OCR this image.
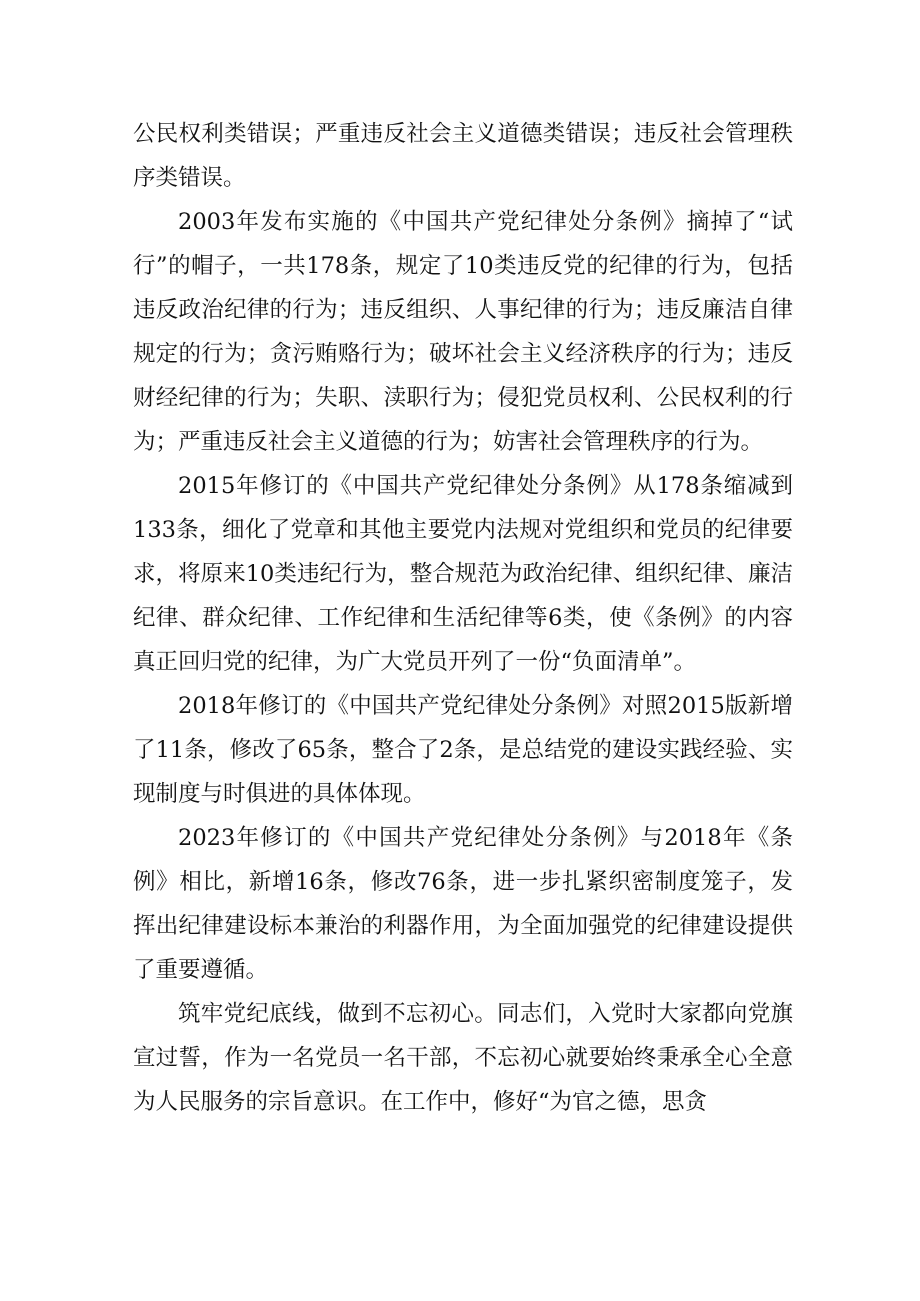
公民权利类错误；严重违反社会主义道德类错误；违反社会管理秩序类错误。

2003年发布实施的《中国共产党纪律处分条例》摘掉了“试行”的帽子，一共178条，规定了10类违反党的纪律的行为，包括违反政治纪律的行为；违反组织、人事纪律的行为；违反廉洁自律规定的行为；贪污贿赂行为；破坏社会主义经济秩序的行为；违反财经纪律的行为；失职、渎职行为；侵犯党员权利、公民权利的行为；严重违反社会主义道德的行为；妨害社会管理秩序的行为。

2015年修订的《中国共产党纪律处分条例》从178条缩减到133条，细化了党章和其他主要党内法规对党组织和党员的纪律要求，将原来10类违纪行为，整合规范为政治纪律、组织纪律、廉洁纪律、群众纪律、工作纪律和生活纪律等6类，使《条例》的内容真正回归党的纪律，为广大党员开列了一份“负面清单”。

2018年修订的《中国共产党纪律处分条例》对照2015版新增了11条，修改了65条，整合了2条，是总结党的建设实践经验、实现制度与时俱进的具体体现。

2023年修订的《中国共产党纪律处分条例》与2018年《条例》相比，新增16条，修改76条，进一步扎紧织密制度笼子，发挥出纪律建设标本兼治的利器作用，为全面加强党的纪律建设提供了重要遵循。

筑牢党纪底线，做到不忘初心。同志们，入党时大家都向党旗宣过誓，作为一名党员一名干部，不忘初心就要始终秉承全心全意为人民服务的宗旨意识。在工作中，修好“为官之德，思贪
